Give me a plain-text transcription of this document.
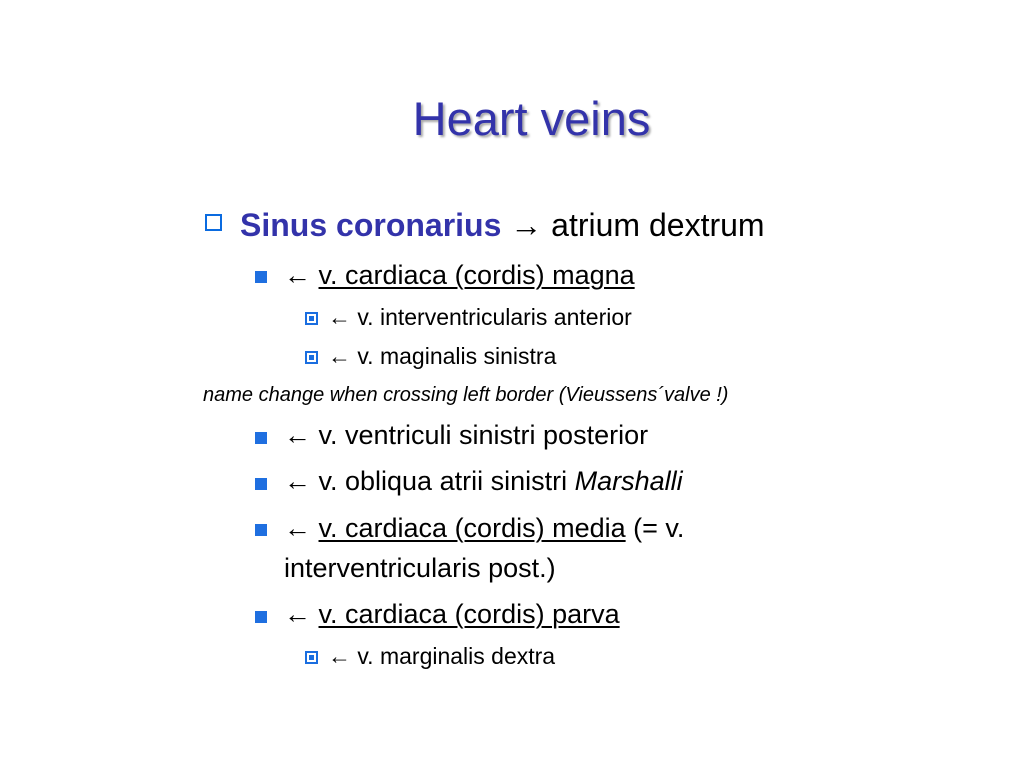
Heart veins
Sinus coronarius → atrium dextrum
← v. cardiaca (cordis) magna
← v. interventricularis anterior
← v. maginalis sinistra
name change when crossing left border (Vieussens´valve !)
← v. ventriculi sinistri posterior
← v. obliqua atrii sinistri Marshalli
← v. cardiaca (cordis) media (= v.
interventricularis post.)
← v. cardiaca (cordis) parva
← v. marginalis dextra
